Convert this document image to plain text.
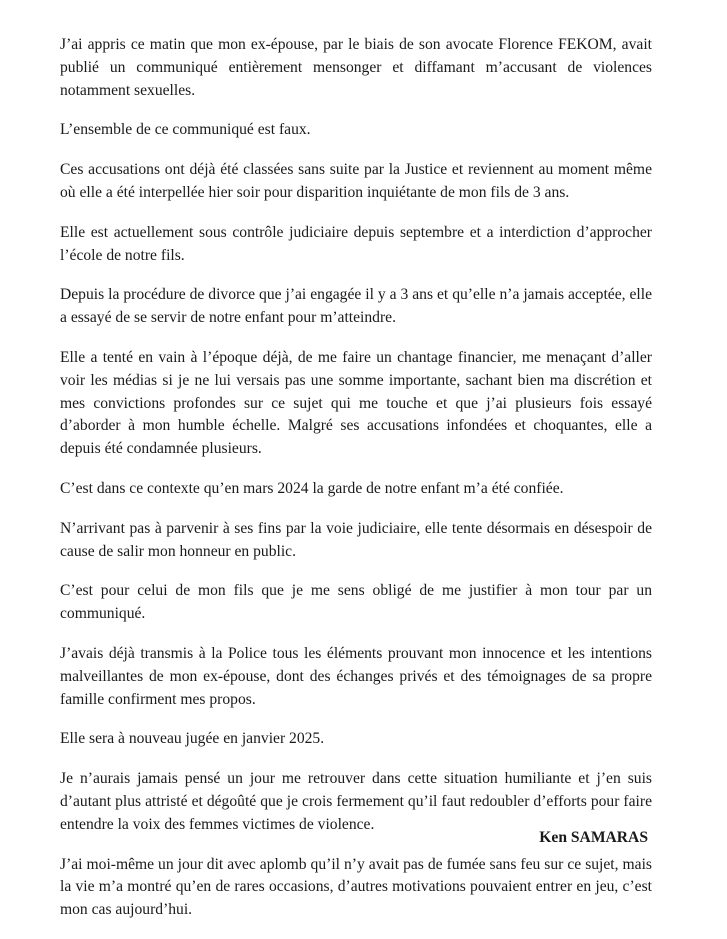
J’ai appris ce matin que mon ex-épouse, par le biais de son avocate Florence FEKOM, avait publié un communiqué entièrement mensonger et diffamant m’accusant de violences notamment sexuelles.

L’ensemble de ce communiqué est faux.

Ces accusations ont déjà été classées sans suite par la Justice et reviennent au moment même où elle a été interpellée hier soir pour disparition inquiétante de mon fils de 3 ans.

Elle est actuellement sous contrôle judiciaire depuis septembre et a interdiction d’approcher l’école de notre fils.

Depuis la procédure de divorce que j’ai engagée il y a 3 ans et qu’elle n’a jamais acceptée, elle a essayé de se servir de notre enfant pour m’atteindre.

Elle a tenté en vain à l’époque déjà, de me faire un chantage financier, me menaçant d’aller voir les médias si je ne lui versais pas une somme importante, sachant bien ma discrétion et mes convictions profondes sur ce sujet qui me touche et que j’ai plusieurs fois essayé d’aborder à mon humble échelle. Malgré ses accusations infondées et choquantes, elle a depuis été condamnée plusieurs.

C’est dans ce contexte qu’en mars 2024 la garde de notre enfant m’a été confiée.

N’arrivant pas à parvenir à ses fins par la voie judiciaire, elle tente désormais en désespoir de cause de salir mon honneur en public.

C’est pour celui de mon fils que je me sens obligé de me justifier à mon tour par un communiqué.

J’avais déjà transmis à la Police tous les éléments prouvant mon innocence et les intentions malveillantes de mon ex-épouse, dont des échanges privés et des témoignages de sa propre famille confirment mes propos.

Elle sera à nouveau jugée en janvier 2025.

Je n’aurais jamais pensé un jour me retrouver dans cette situation humiliante et j’en suis d’autant plus attristé et dégoûté que je crois fermement qu’il faut redoubler d’efforts pour faire entendre la voix des femmes victimes de violence.

J’ai moi-même un jour dit avec aplomb qu’il n’y avait pas de fumée sans feu sur ce sujet, mais la vie m’a montré qu’en de rares occasions, d’autres motivations pouvaient entrer en jeu, c’est mon cas aujourd’hui.

Ken SAMARAS
